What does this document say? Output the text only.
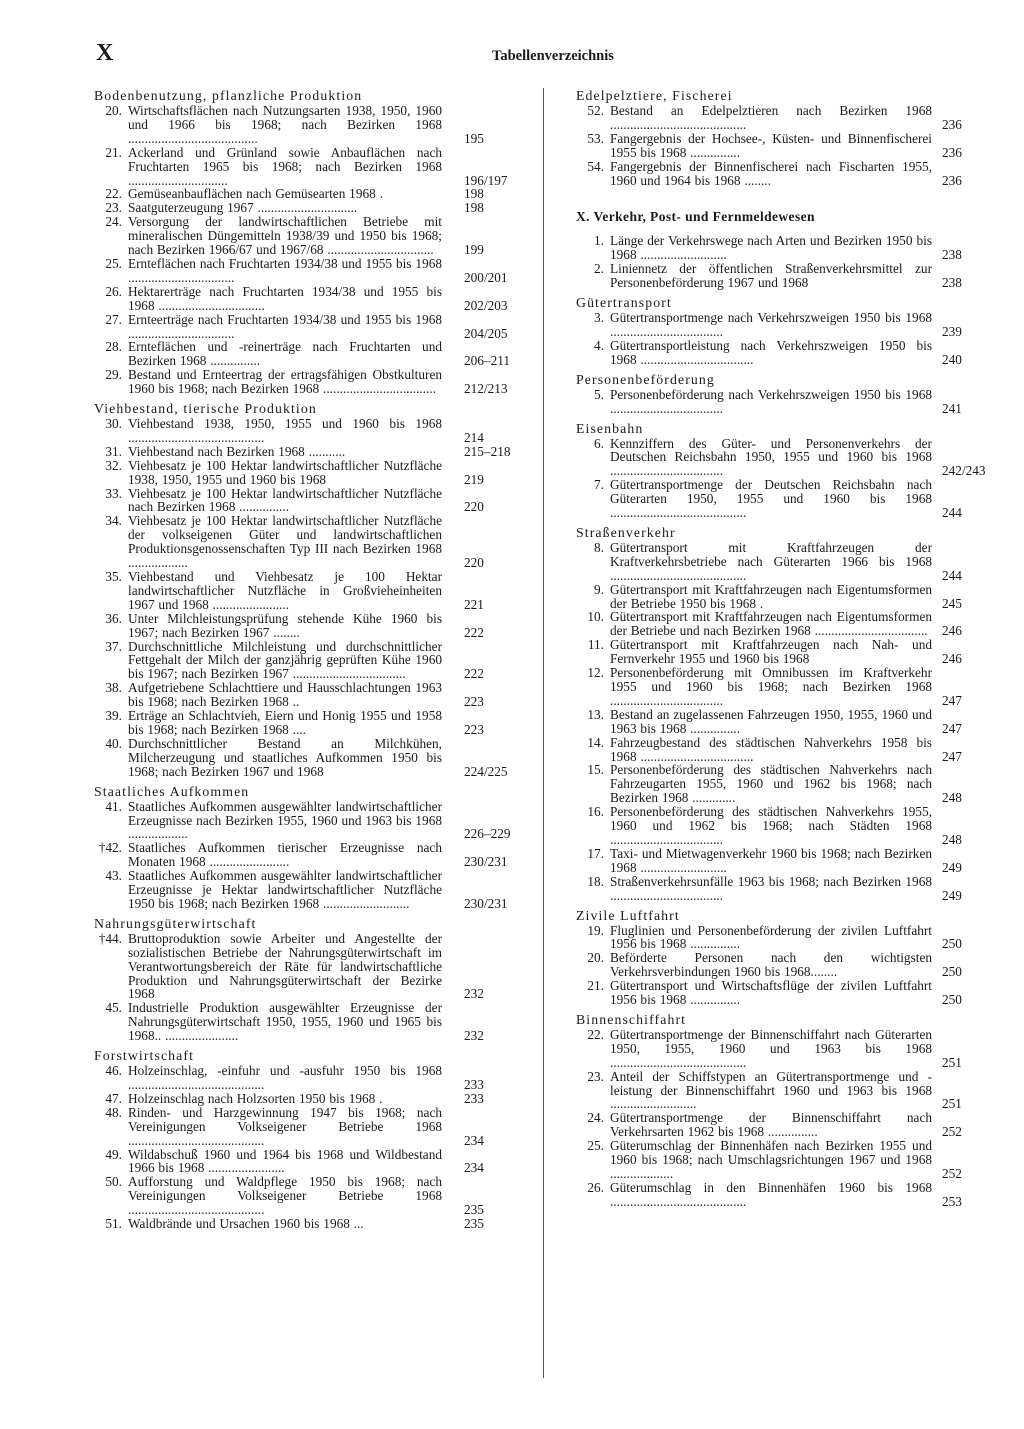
X	Tabellenverzeichnis
Bodenbenutzung, pflanzliche Produktion
20. Wirtschaftsflächen nach Nutzungsarten 1938, 1950, 1960 und 1966 bis 1968; nach Bezirken 1968 .......................................	195
21. Ackerland und Grünland sowie Anbauflächen nach Fruchtarten 1965 bis 1968; nach Bezirken 1968 ..............................	196/197
22. Gemüseanbauflächen nach Gemüsearten 1968 .	198
23. Saatguterzeugung 1967 ..............................	198
24. Versorgung der landwirtschaftlichen Betriebe mit mineralischen Düngemitteln 1938/39 und 1950 bis 1968; nach Bezirken 1966/67 und 1967/68 ................................	199
25. Ernteflächen nach Fruchtarten 1934/38 und 1955 bis 1968 ................................	200/201
26. Hektarerträge nach Fruchtarten 1934/38 und 1955 bis 1968 ................................	202/203
27. Ernteerträge nach Fruchtarten 1934/38 und 1955 bis 1968 ................................	204/205
28. Ernteflächen und -reinerträge nach Fruchtarten und Bezirken 1968 ...............	206–211
29. Bestand und Ernteertrag der ertragsfähigen Obstkulturen 1960 bis 1968; nach Bezirken 1968 ..................................	212/213
Viehbestand, tierische Produktion
30. Viehbestand 1938, 1950, 1955 und 1960 bis 1968 .........................................	214
31. Viehbestand nach Bezirken 1968 ...........	215–218
32. Viehbesatz je 100 Hektar landwirtschaftlicher Nutzfläche 1938, 1950, 1955 und 1960 bis 1968	219
33. Viehbesatz je 100 Hektar landwirtschaftlicher Nutzfläche nach Bezirken 1968 ...............	220
34. Viehbesatz je 100 Hektar landwirtschaftlicher Nutzfläche der volkseigenen Güter und landwirtschaftlichen Produktionsgenossenschaften Typ III nach Bezirken 1968 ..................	220
35. Viehbestand und Viehbesatz je 100 Hektar landwirtschaftlicher Nutzfläche in Großvieheinheiten 1967 und 1968 .......................	221
36. Unter Milchleistungsprüfung stehende Kühe 1960 bis 1967; nach Bezirken 1967 ........	222
37. Durchschnittliche Milchleistung und durchschnittlicher Fettgehalt der Milch der ganzjährig geprüften Kühe 1960 bis 1967; nach Bezirken 1967 ..................................	222
38. Aufgetriebene Schlachttiere und Hausschlachtungen 1963 bis 1968; nach Bezirken 1968 ..	223
39. Erträge an Schlachtvieh, Eiern und Honig 1955 und 1958 bis 1968; nach Bezirken 1968 ....	223
40. Durchschnittlicher Bestand an Milchkühen, Milcherzeugung und staatliches Aufkommen 1950 bis 1968; nach Bezirken 1967 und 1968	224/225
Staatliches Aufkommen
41. Staatliches Aufkommen ausgewählter landwirtschaftlicher Erzeugnisse nach Bezirken 1955, 1960 und 1963 bis 1968 ..................	226–229
†42. Staatliches Aufkommen tierischer Erzeugnisse nach Monaten 1968 ........................	230/231
43. Staatliches Aufkommen ausgewählter landwirtschaftlicher Erzeugnisse je Hektar landwirtschaftlicher Nutzfläche 1950 bis 1968; nach Bezirken 1968 ..........................	230/231
Nahrungsgüterwirtschaft
†44. Bruttoproduktion sowie Arbeiter und Angestellte der sozialistischen Betriebe der Nahrungsgüterwirtschaft im Verantwortungsbereich der Räte für landwirtschaftliche Produktion und Nahrungsgüterwirtschaft der Bezirke 1968	232
45. Industrielle Produktion ausgewählter Erzeugnisse der Nahrungsgüterwirtschaft 1950, 1955, 1960 und 1965 bis 1968.. ......................	232
Forstwirtschaft
46. Holzeinschlag, -einfuhr und -ausfuhr 1950 bis 1968 .........................................	233
47. Holzeinschlag nach Holzsorten 1950 bis 1968 .	233
48. Rinden- und Harzgewinnung 1947 bis 1968; nach Vereinigungen Volkseigener Betriebe 1968 .........................................	234
49. Wildabschuß 1960 und 1964 bis 1968 und Wildbestand 1966 bis 1968 .......................	234
50. Aufforstung und Waldpflege 1950 bis 1968; nach Vereinigungen Volkseigener Betriebe 1968 .........................................	235
51. Waldbrände und Ursachen 1960 bis 1968 ...	235
Edelpelztiere, Fischerei
52. Bestand an Edelpelztieren nach Bezirken 1968 .........................................	236
53. Fangergebnis der Hochsee-, Küsten- und Binnenfischerei 1955 bis 1968 ...............	236
54. Fangergebnis der Binnenfischerei nach Fischarten 1955, 1960 und 1964 bis 1968 ........	236
X. Verkehr, Post- und Fernmeldewesen
1. Länge der Verkehrswege nach Arten und Bezirken 1950 bis 1968 ..........................	238
2. Liniennetz der öffentlichen Straßenverkehrsmittel zur Personenbeförderung 1967 und 1968	238
Gütertransport
3. Gütertransportmenge nach Verkehrszweigen 1950 bis 1968 ..................................	239
4. Gütertransportleistung nach Verkehrszweigen 1950 bis 1968 ..................................	240
Personenbeförderung
5. Personenbeförderung nach Verkehrszweigen 1950 bis 1968 ..................................	241
Eisenbahn
6. Kennziffern des Güter- und Personenverkehrs der Deutschen Reichsbahn 1950, 1955 und 1960 bis 1968 ..................................	242/243
7. Gütertransportmenge der Deutschen Reichsbahn nach Güterarten 1950, 1955 und 1960 bis 1968 .........................................	244
Straßenverkehr
8. Gütertransport mit Kraftfahrzeugen der Kraftverkehrsbetriebe nach Güterarten 1966 bis 1968 .........................................	244
9. Gütertransport mit Kraftfahrzeugen nach Eigentumsformen der Betriebe 1950 bis 1968 .	245
10. Gütertransport mit Kraftfahrzeugen nach Eigentumsformen der Betriebe und nach Bezirken 1968 ..................................	246
11. Gütertransport mit Kraftfahrzeugen nach Nah- und Fernverkehr 1955 und 1960 bis 1968	246
12. Personenbeförderung mit Omnibussen im Kraftverkehr 1955 und 1960 bis 1968; nach Bezirken 1968 ..................................	247
13. Bestand an zugelassenen Fahrzeugen 1950, 1955, 1960 und 1963 bis 1968 ...............	247
14. Fahrzeugbestand des städtischen Nahverkehrs 1958 bis 1968 ..................................	247
15. Personenbeförderung des städtischen Nahverkehrs nach Fahrzeugarten 1955, 1960 und 1962 bis 1968; nach Bezirken 1968 .............	248
16. Personenbeförderung des städtischen Nahverkehrs 1955, 1960 und 1962 bis 1968; nach Städten 1968 ..................................	248
17. Taxi- und Mietwagenverkehr 1960 bis 1968; nach Bezirken 1968 ..........................	249
18. Straßenverkehrsunfälle 1963 bis 1968; nach Bezirken 1968 ..................................	249
Zivile Luftfahrt
19. Fluglinien und Personenbeförderung der zivilen Luftfahrt 1956 bis 1968 ...............	250
20. Beförderte Personen nach den wichtigsten Verkehrsverbindungen 1960 bis 1968........	250
21. Gütertransport und Wirtschaftsflüge der zivilen Luftfahrt 1956 bis 1968 ...............	250
Binnenschiffahrt
22. Gütertransportmenge der Binnenschiffahrt nach Güterarten 1950, 1955, 1960 und 1963 bis 1968 .........................................	251
23. Anteil der Schiffstypen an Gütertransportmenge und -leistung der Binnenschiffahrt 1960 und 1963 bis 1968 ..........................	251
24. Gütertransportmenge der Binnenschiffahrt nach Verkehrsarten 1962 bis 1968 ...............	252
25. Güterumschlag der Binnenhäfen nach Bezirken 1955 und 1960 bis 1968; nach Umschlagsrichtungen 1967 und 1968 ...................	252
26. Güterumschlag in den Binnenhäfen 1960 bis 1968 .........................................	253
